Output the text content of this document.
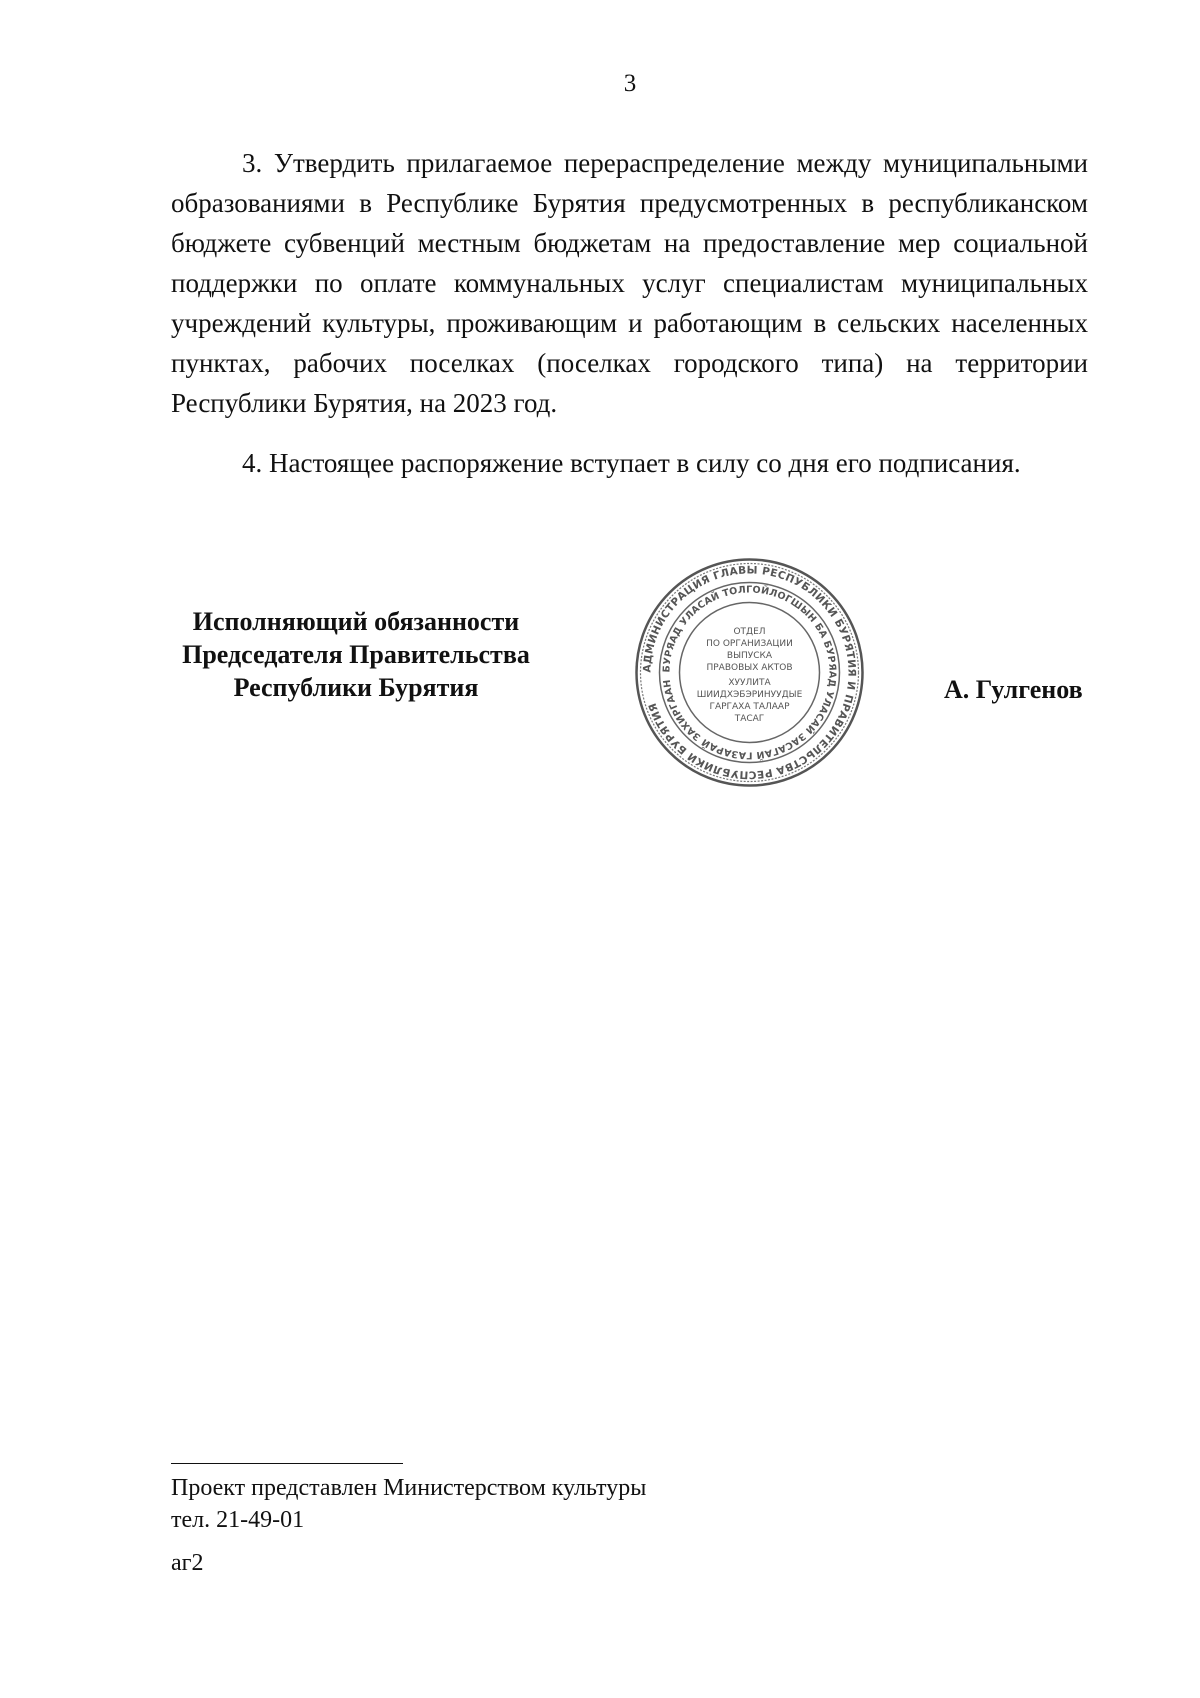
3

3. Утвердить прилагаемое перераспределение между муниципальными образованиями в Республике Бурятия предусмотренных в республиканском бюджете субвенций местным бюджетам на предоставление мер социальной поддержки по оплате коммунальных услуг специалистам муниципальных учреждений культуры, проживающим и работающим в сельских населенных пунктах, рабочих поселках (поселках городского типа) на территории Республики Бурятия, на 2023 год.

4. Настоящее распоряжение вступает в силу со дня его подписания.

Исполняющий обязанности
Председателя Правительства
Республики Бурятия
АДМИНИСТРАЦИЯ ГЛАВЫ РЕСПУБЛИКИ БУРЯТИЯ И ПРАВИТЕЛЬСТВА РЕСПУБЛИКИ БУРЯТИЯ
БУРЯАД УЛАСАЙ ТОЛГОЙЛОГШЫН БА БУРЯАД УЛАСАЙ ЗАСАГАЙ ГАЗАРАЙ ЗАХИРГААН
ОТДЕЛ
ПО ОРГАНИЗАЦИИ
ВЫПУСКА
ПРАВОВЫХ АКТОВ
ХУУЛИТА
ШИИДХЭБЭРИНУУДЫЕ
ГАРГАХА ТАЛААР
ТАСАГ
А. Гулгенов
Проект представлен Министерством культуры
тел. 21-49-01
аг2
